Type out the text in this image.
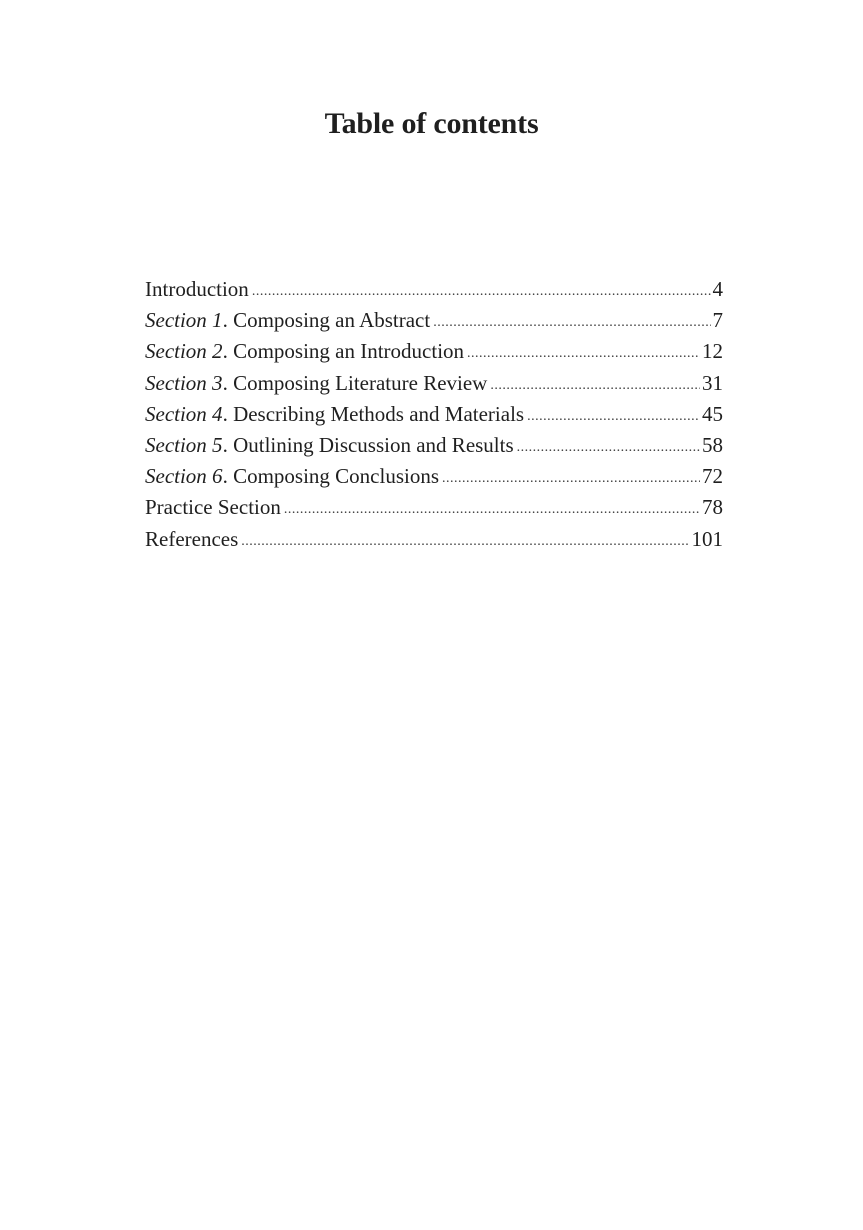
Table of contents
Introduction .....	4
Section 1. Composing an Abstract .....	7
Section 2. Composing an Introduction .....	12
Section 3. Composing Literature Review .....	31
Section 4. Describing Methods and Materials .....	45
Section 5. Outlining Discussion and Results .....	58
Section 6. Composing Conclusions .....	72
Practice Section .....	78
References .....	101
